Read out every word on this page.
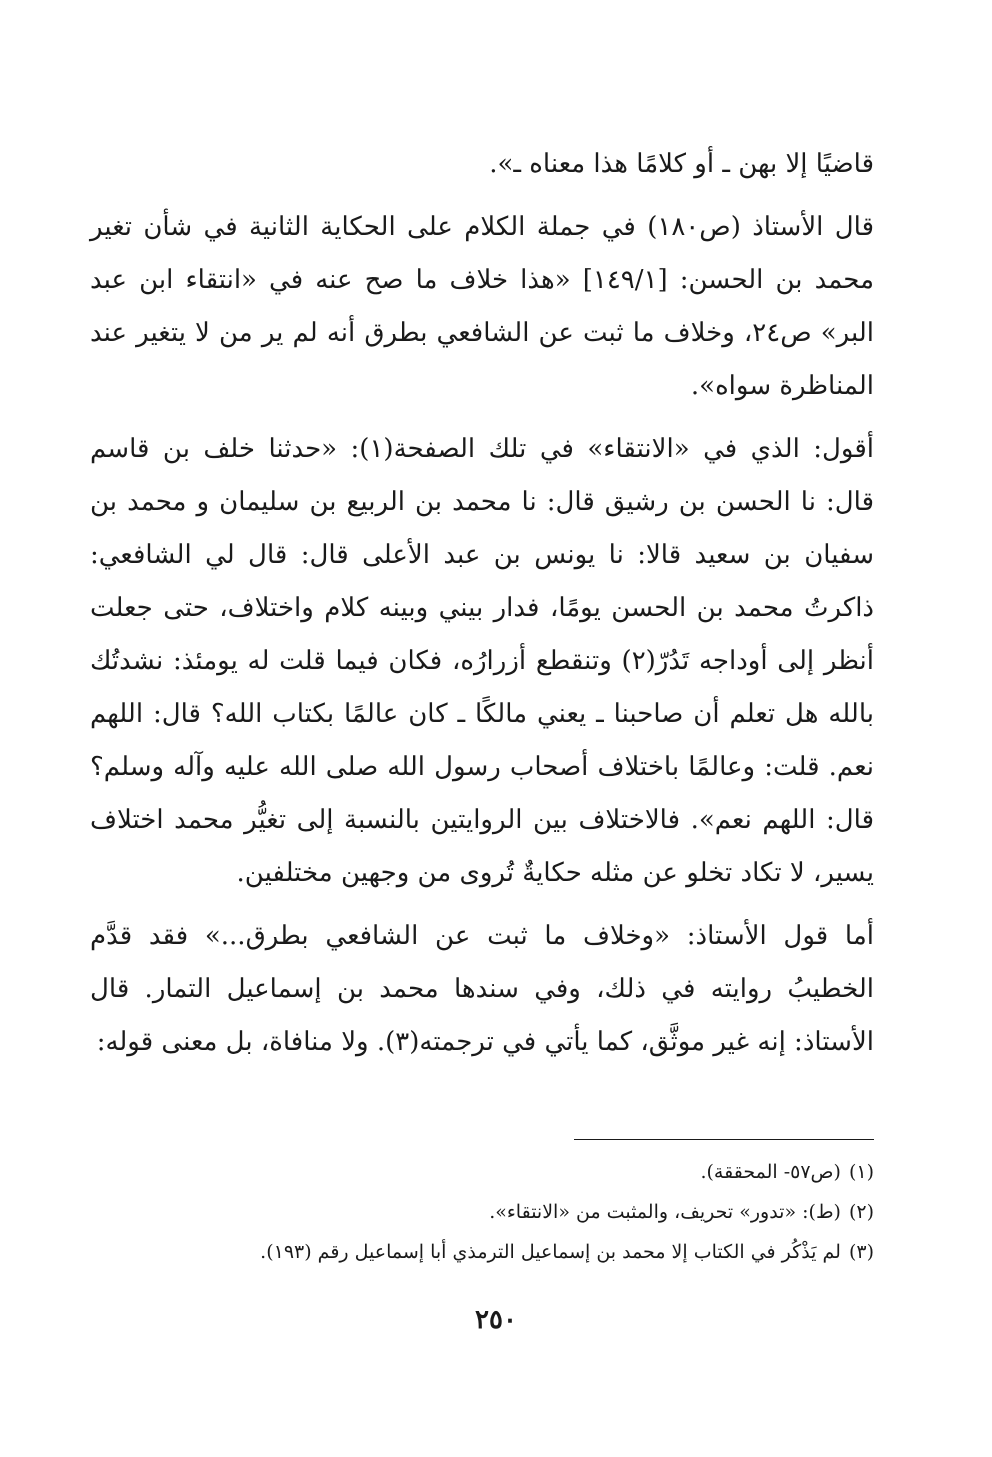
قاضيًا إلا بهن ـ أو كلامًا هذا معناه ـ».

قال الأستاذ (ص١٨٠) في جملة الكلام على الحكاية الثانية في شأن تغير محمد بن الحسن: [١٤٩/١] «هذا خلاف ما صح عنه في «انتقاء ابن عبد البر» ص٢٤، وخلاف ما ثبت عن الشافعي بطرق أنه لم ير من لا يتغير عند المناظرة سواه».

أقول: الذي في «الانتقاء» في تلك الصفحة(١): «حدثنا خلف بن قاسم قال: نا الحسن بن رشيق قال: نا محمد بن الربيع بن سليمان و محمد بن سفيان بن سعيد قالا: نا يونس بن عبد الأعلى قال: قال لي الشافعي: ذاكرتُ محمد بن الحسن يومًا، فدار بيني وبينه كلام واختلاف، حتى جعلت أنظر إلى أوداجه تَدُرّ(٢) وتنقطع أزرارُه، فكان فيما قلت له يومئذ: نشدتُك بالله هل تعلم أن صاحبنا ـ يعني مالكًا ـ كان عالمًا بكتاب الله؟ قال: اللهم نعم. قلت: وعالمًا باختلاف أصحاب رسول الله صلى الله عليه وآله وسلم؟ قال: اللهم نعم». فالاختلاف بين الروايتين بالنسبة إلى تغيُّر محمد اختلاف يسير، لا تكاد تخلو عن مثله حكايةٌ تُروى من وجهين مختلفين.

أما قول الأستاذ: «وخلاف ما ثبت عن الشافعي بطرق...» فقد قدَّم الخطيبُ روايته في ذلك، وفي سندها محمد بن إسماعيل التمار. قال الأستاذ: إنه غير موثَّق، كما يأتي في ترجمته(٣). ولا منافاة، بل معنى قوله:

(١)(ص٥٧- المحققة).
(٢)(ط): «تدور» تحريف، والمثبت من «الانتقاء».
(٣)لم يَذْكُر في الكتاب إلا محمد بن إسماعيل الترمذي أبا إسماعيل رقم (١٩٣).
٢٥٠
